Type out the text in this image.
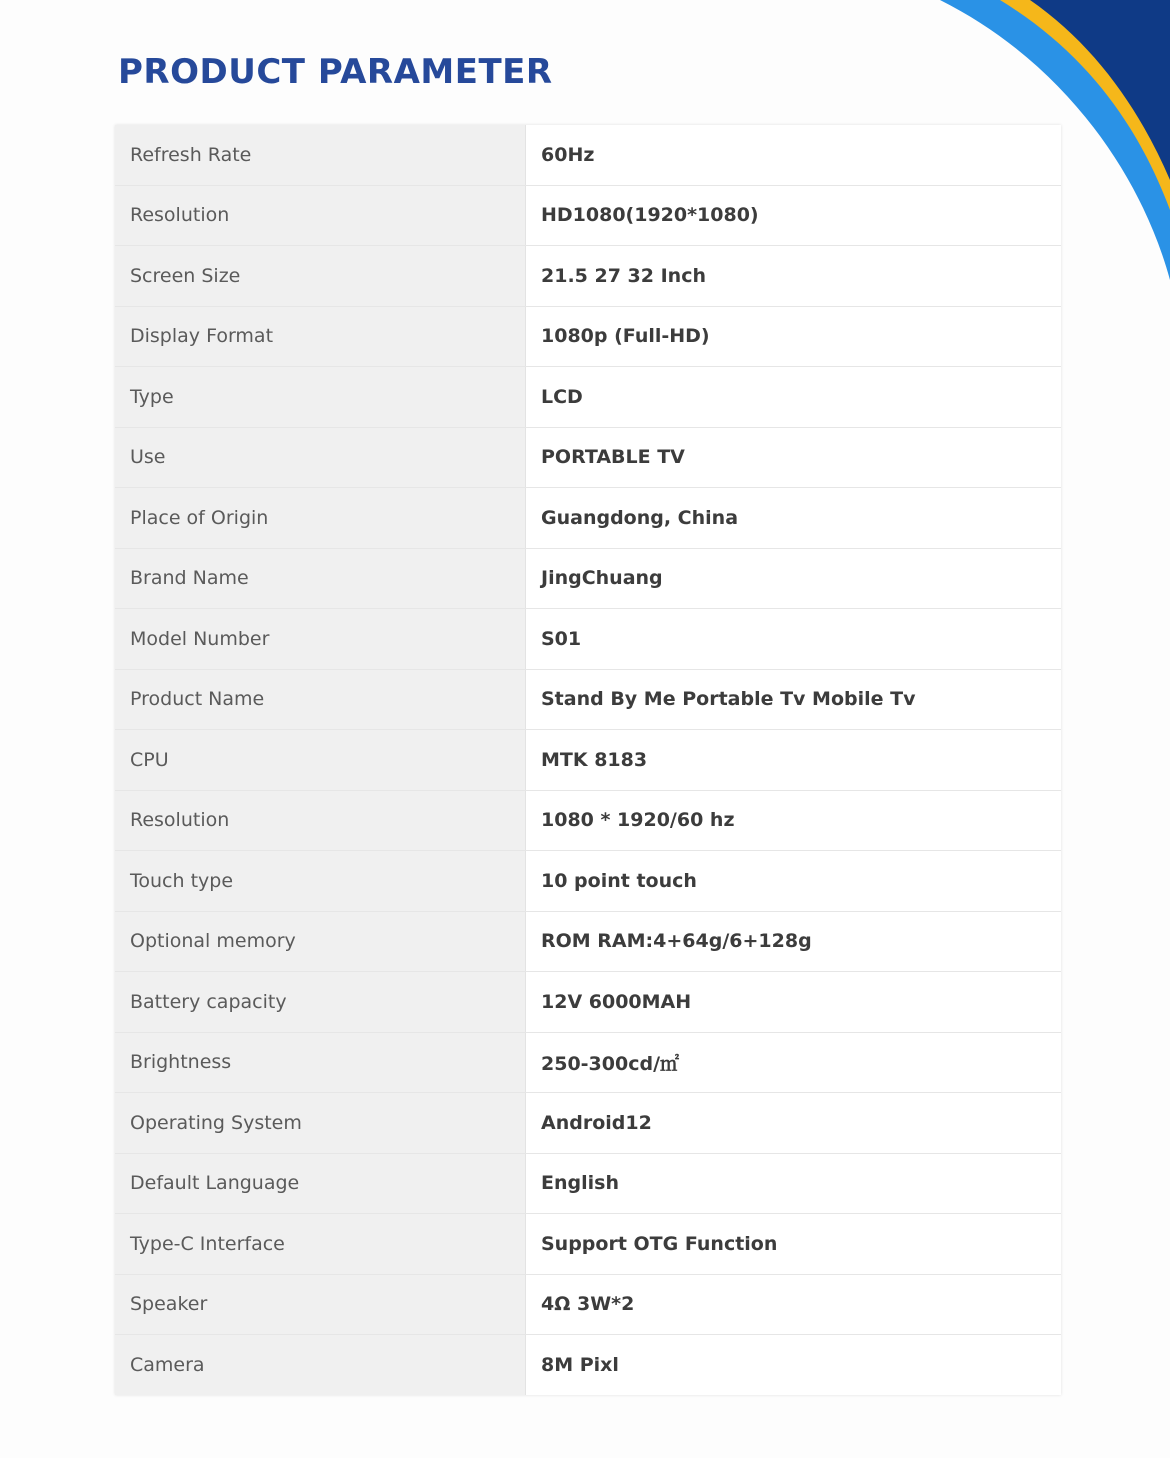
PRODUCT PARAMETER
Refresh Rate	60Hz
Resolution	HD1080(1920*1080)
Screen Size	21.5 27 32 Inch
Display Format	1080p (Full-HD)
Type	LCD
Use	PORTABLE TV
Place of Origin	Guangdong, China
Brand Name	JingChuang
Model Number	S01
Product Name	Stand By Me Portable Tv Mobile Tv
CPU	MTK 8183
Resolution	1080 * 1920/60 hz
Touch type	10 point touch
Optional memory	ROM RAM:4+64g/6+128g
Battery capacity	12V 6000MAH
Brightness	250-300cd/㎡
Operating System	Android12
Default Language	English
Type-C Interface	Support OTG Function
Speaker	4Ω 3W*2
Camera	8M Pixl
